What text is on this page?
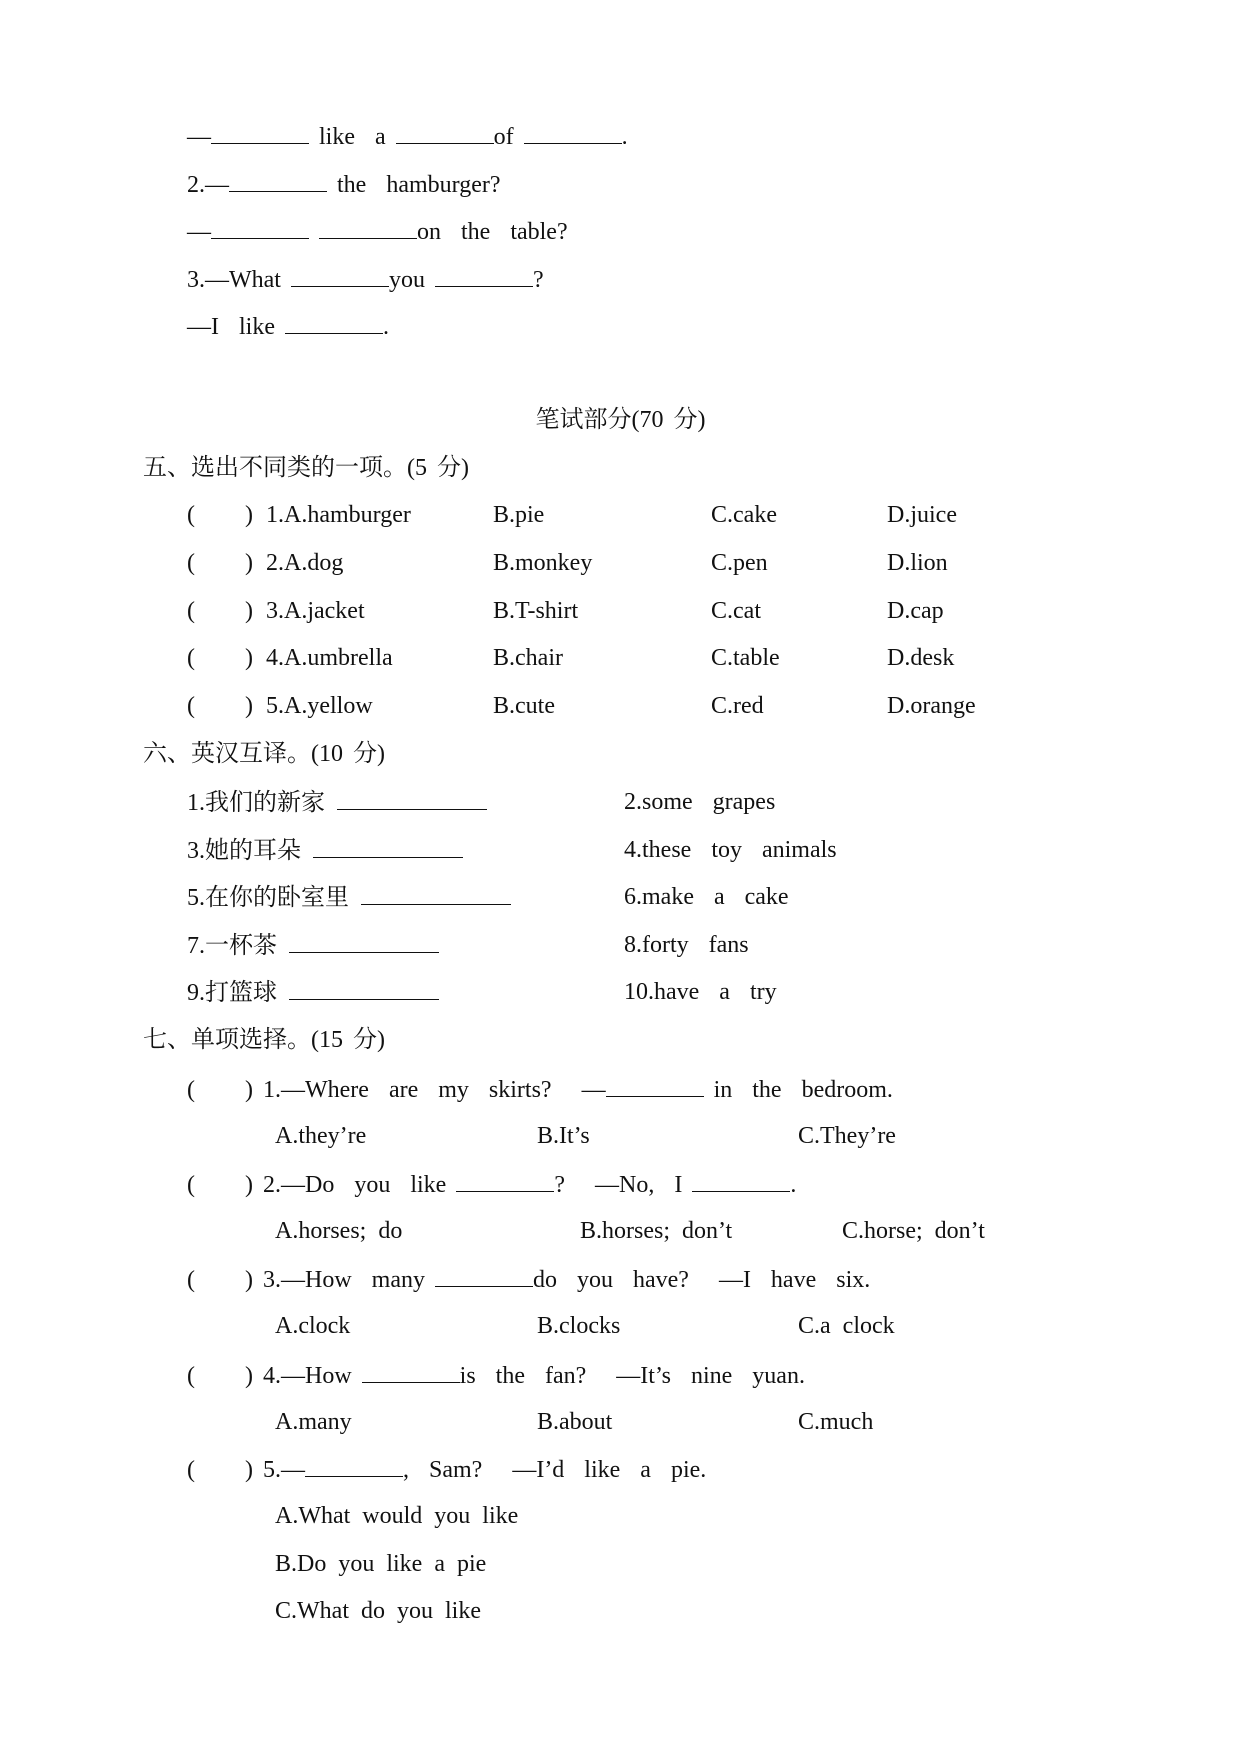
—	like  a	of	.
2.—	the  hamburger?
—	on  the  table?
3.—What	you	?
—I  like	.
笔试部分(70 分)
五、选出不同类的一项。(5 分)
( ) 1.A.hamburger	B.pie	C.cake	D.juice
( ) 2.A.dog	B.monkey	C.pen	D.lion
( ) 3.A.jacket	B.T-shirt	C.cat	D.cap
( ) 4.A.umbrella	B.chair	C.table	D.desk
( ) 5.A.yellow	B.cute	C.red	D.orange
六、英汉互译。(10 分)
1.我们的新家	2.some  grapes
3.她的耳朵	4.these  toy  animals
5.在你的卧室里	6.make  a  cake
7.一杯茶	8.forty  fans
9.打篮球	10.have  a  try
七、单项选择。(15 分)
( ) 1.—Where  are  my  skirts?   —	in  the  bedroom.
A.they’re	B.It’s	C.They’re
( ) 2.—Do  you  like	?   —No,  I	.
A.horses;  do	B.horses;  don’t	C.horse;  don’t
( ) 3.—How  many	do  you  have?   —I  have  six.
A.clock	B.clocks	C.a  clock
( ) 4.—How	is  the  fan?   —It’s  nine  yuan.
A.many	B.about	C.much
( ) 5.—	,  Sam?   —I’d  like  a  pie.
A.What  would  you  like
B.Do  you  like  a  pie
C.What  do  you  like
